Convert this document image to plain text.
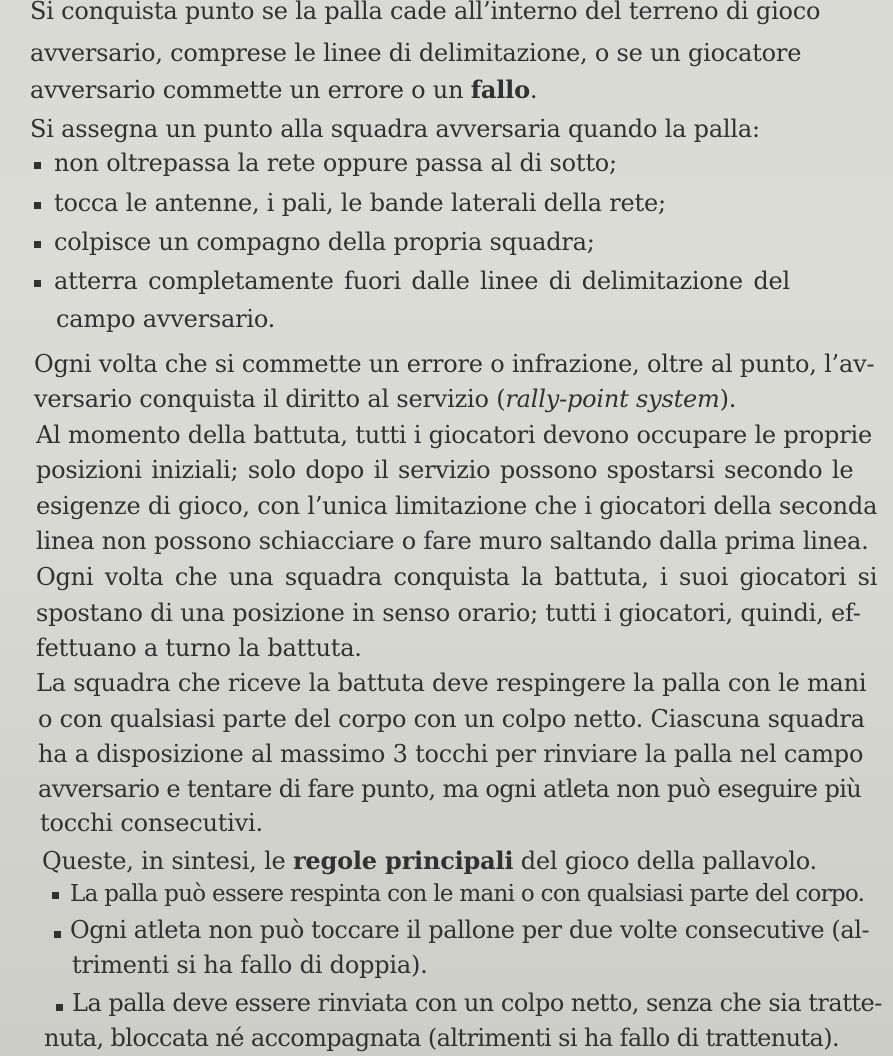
Si conquista punto se la palla cade all’interno del terreno di gioco
avversario, comprese le linee di delimitazione, o se un giocatore
avversario commette un errore o un fallo.
Si assegna un punto alla squadra avversaria quando la palla:
non oltrepassa la rete oppure passa al di sotto;
tocca le antenne, i pali, le bande laterali della rete;
colpisce un compagno della propria squadra;
atterra completamente fuori dalle linee di delimitazione del
campo avversario.
Ogni volta che si commette un errore o infrazione, oltre al punto, l’av-
versario conquista il diritto al servizio (rally-point system).
Al momento della battuta, tutti i giocatori devono occupare le proprie
posizioni iniziali; solo dopo il servizio possono spostarsi secondo le
esigenze di gioco, con l’unica limitazione che i giocatori della seconda
linea non possono schiacciare o fare muro saltando dalla prima linea.
Ogni volta che una squadra conquista la battuta, i suoi giocatori si
spostano di una posizione in senso orario; tutti i giocatori, quindi, ef-
fettuano a turno la battuta.
La squadra che riceve la battuta deve respingere la palla con le mani
o con qualsiasi parte del corpo con un colpo netto. Ciascuna squadra
ha a disposizione al massimo 3 tocchi per rinviare la palla nel campo
avversario e tentare di fare punto, ma ogni atleta non può eseguire più
tocchi consecutivi.
Queste, in sintesi, le regole principali del gioco della pallavolo.
La palla può essere respinta con le mani o con qualsiasi parte del corpo.
Ogni atleta non può toccare il pallone per due volte consecutive (al-
trimenti si ha fallo di doppia).
La palla deve essere rinviata con un colpo netto, senza che sia tratte-
nuta, bloccata né accompagnata (altrimenti si ha fallo di trattenuta).
